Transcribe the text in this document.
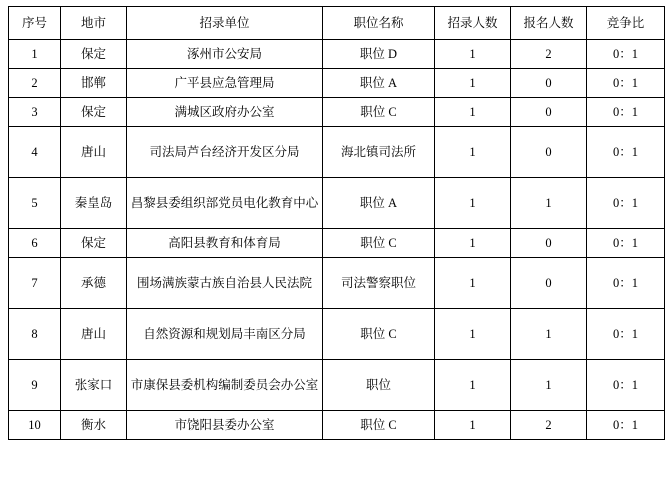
序号	地市	招录单位	职位名称	招录人数	报名人数	竞争比
1	保定	涿州市公安局	职位 D	1	2	0：1
2	邯郸	广平县应急管理局	职位 A	1	0	0：1
3	保定	满城区政府办公室	职位 C	1	0	0：1
4	唐山	司法局芦台经济开发区分局	海北镇司法所	1	0	0：1
5	秦皇岛	昌黎县委组织部党员电化教育中心	职位 A	1	1	0：1
6	保定	高阳县教育和体育局	职位 C	1	0	0：1
7	承德	围场满族蒙古族自治县人民法院	司法警察职位	1	0	0：1
8	唐山	自然资源和规划局丰南区分局	职位 C	1	1	0：1
9	张家口	市康保县委机构编制委员会办公室	职位	1	1	0：1
10	衡水	市饶阳县委办公室	职位 C	1	2	0：1
